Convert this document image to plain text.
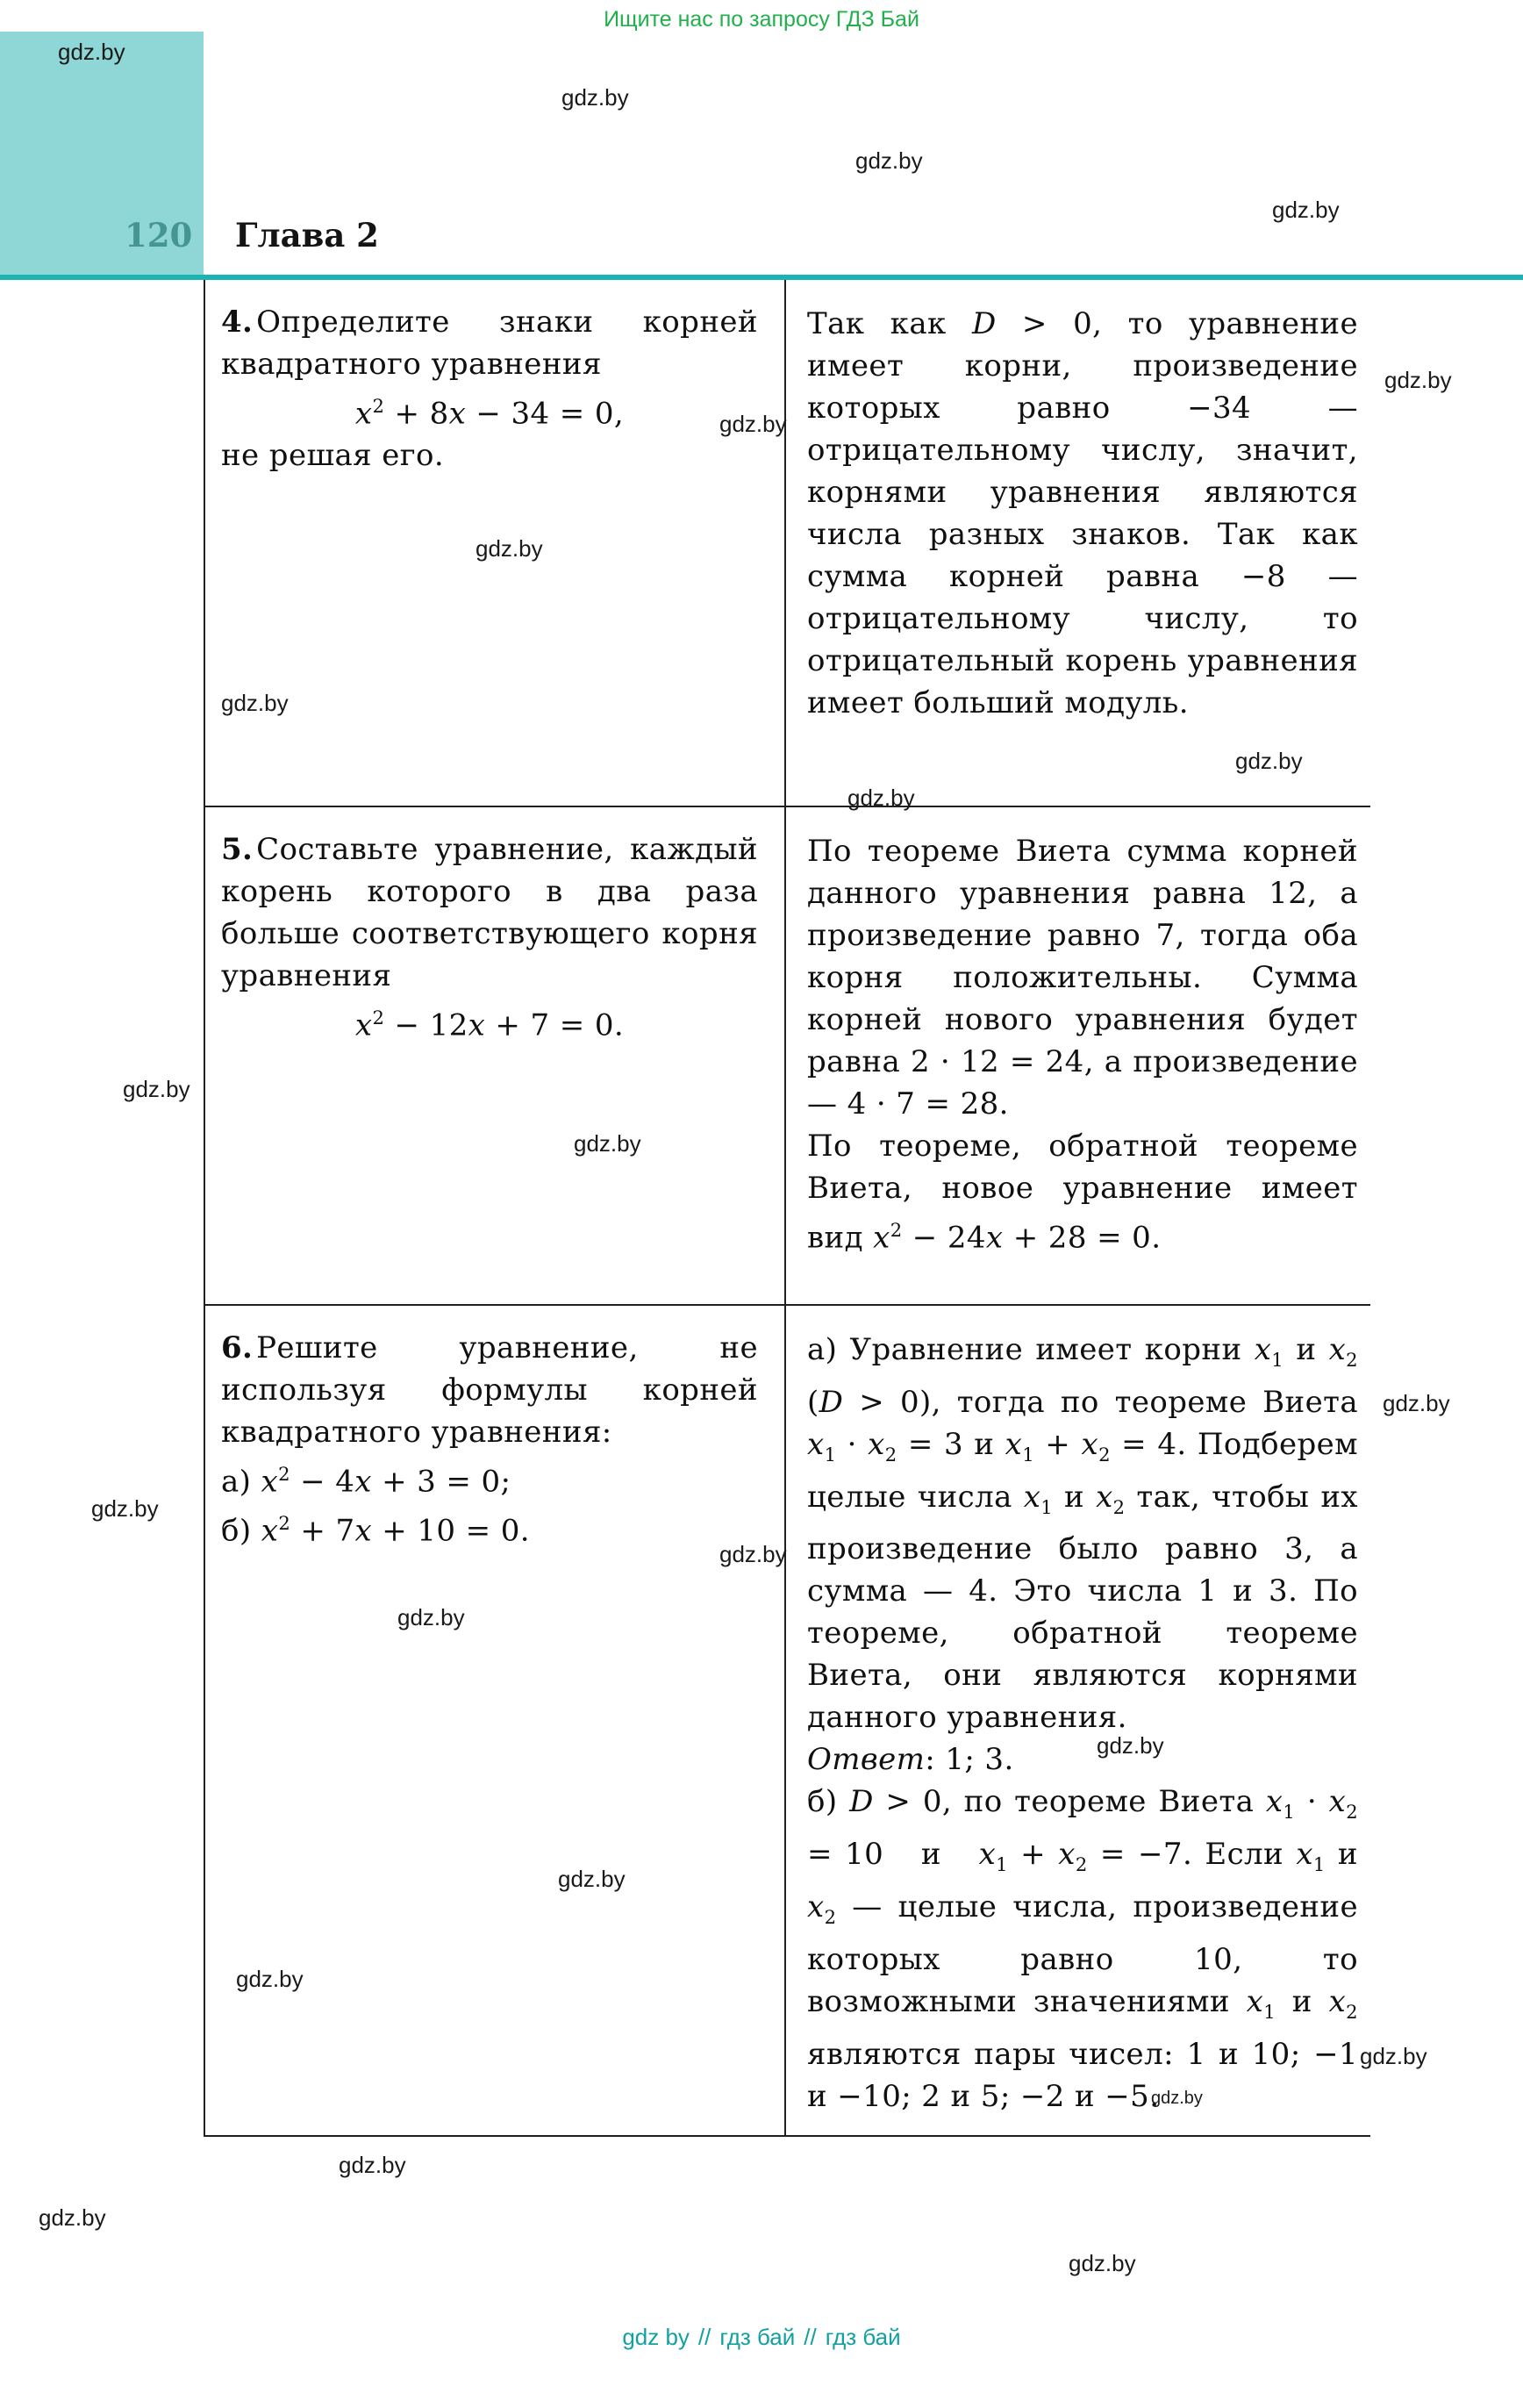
Ищите нас по запросу ГДЗ Бай
120 Глава 2

4. Определите знаки корней квадратного уравнения

$x^2 + 8x - 34 = 0$,

не решая его.

Так как D > 0, то уравнение имеет корни, произведение которых равно −34 — отрицательному числу, значит, корнями уравнения являются числа разных знаков. Так как сумма корней равна −8 — отрицательному числу, то отрицательный корень уравнения имеет больший модуль.

5. Составьте уравнение, каждый корень которого в два раза больше соответствующего корня уравнения

$x^2 - 12x + 7 = 0$.

По теореме Виета сумма корней данного уравнения равна 12, а произведение равно 7, тогда оба корня положительны. Сумма корней нового уравнения будет равна 2 · 12 = 24, а произведение — 4 · 7 = 28.

По теореме, обратной теореме Виета, новое уравнение имеет вид $x^2 - 24x + 28 = 0$.

6. Решите уравнение, не используя формулы корней квадратного уравнения:

а) $x^2 - 4x + 3 = 0$;

б) $x^2 + 7x + 10 = 0$.

а) Уравнение имеет корни $x_1$ и $x_2$ (D > 0), тогда по теореме Виета $x_1 \cdot x_2 = 3$ и $x_1 + x_2 = 4$. Подберем целые числа $x_1$ и $x_2$ так, чтобы их произведение было равно 3, а сумма — 4. Это числа 1 и 3. По теореме, обратной теореме Виета, они являются корнями данного уравнения.

Ответ: 1; 3.

б) D > 0, по теореме Виета $x_1 \cdot x_2 = 10$   и   $x_1 + x_2 = -7$. Если $x_1$ и $x_2$ — целые числа, произведение которых равно 10, то возможными значениями $x_1$ и $x_2$ являются пары чисел: 1 и 10; −1 и −10; 2 и 5; −2 и −5.

gdz.by
gdz.by
gdz.by
gdz.by
gdz.by
gdz.by
gdz.by
gdz.by
gdz.by
gdz.by
gdz.by
gdz.by
gdz.by
gdz.by
gdz.by
gdz.by
gdz.by
gdz.by
gdz.by
gdz.by
gdz.by
gdz.by
gdz.by
gdz.by
gdz by // гдз бай // гдз бай
